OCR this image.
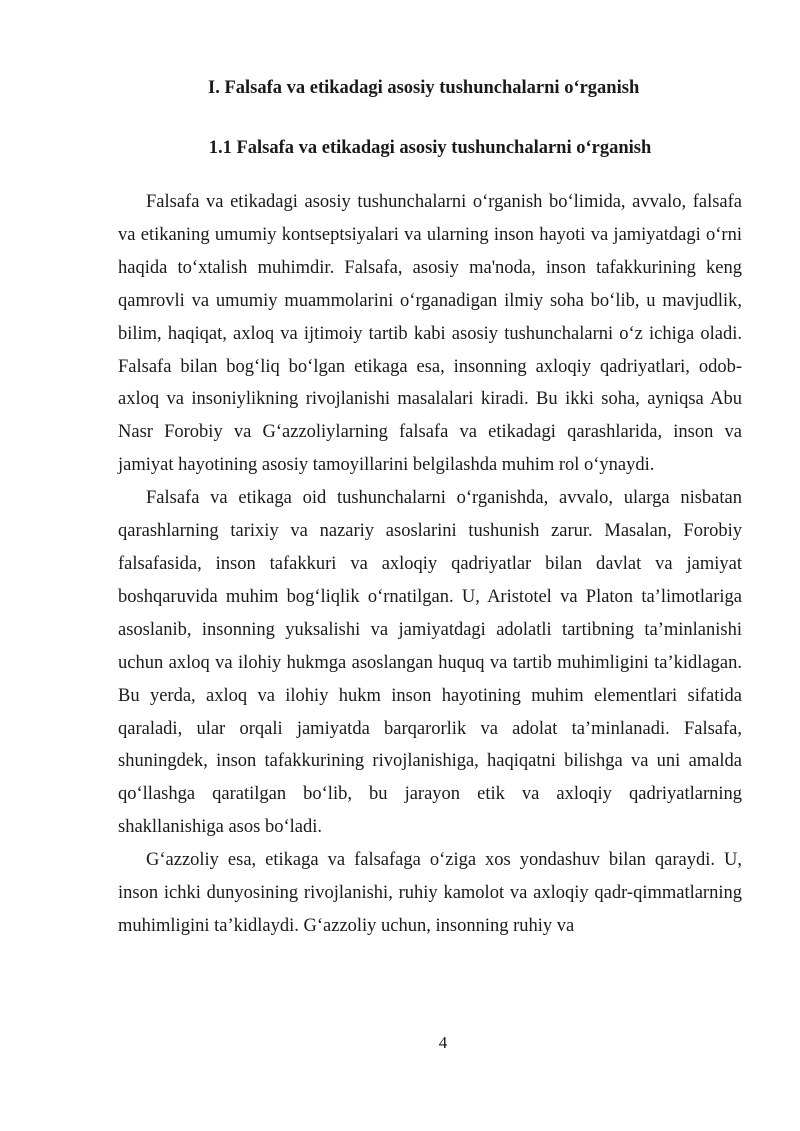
I. Falsafa va etikadagi asosiy tushunchalarni o‘rganish
1.1 Falsafa va etikadagi asosiy tushunchalarni o‘rganish

Falsafa va etikadagi asosiy tushunchalarni o‘rganish bo‘limida, avvalo, falsafa va etikaning umumiy kontseptsiyalari va ularning inson hayoti va jamiyatdagi o‘rni haqida to‘xtalish muhimdir. Falsafa, asosiy ma'noda, inson tafakkurining keng qamrovli va umumiy muammolarini o‘rganadigan ilmiy soha bo‘lib, u mavjudlik, bilim, haqiqat, axloq va ijtimoiy tartib kabi asosiy tushunchalarni o‘z ichiga oladi. Falsafa bilan bog‘liq bo‘lgan etikaga esa, insonning axloqiy qadriyatlari, odob-axloq va insoniylikning rivojlanishi masalalari kiradi. Bu ikki soha, ayniqsa Abu Nasr Forobiy va G‘azzoliylarning falsafa va etikadagi qarashlarida, inson va jamiyat hayotining asosiy tamoyillarini belgilashda muhim rol o‘ynaydi.

Falsafa va etikaga oid tushunchalarni o‘rganishda, avvalo, ularga nisbatan qarashlarning tarixiy va nazariy asoslarini tushunish zarur. Masalan, Forobiy falsafasida, inson tafakkuri va axloqiy qadriyatlar bilan davlat va jamiyat boshqaruvida muhim bog‘liqlik o‘rnatilgan. U, Aristotel va Platon ta’limotlariga asoslanib, insonning yuksalishi va jamiyatdagi adolatli tartibning ta’minlanishi uchun axloq va ilohiy hukmga asoslangan huquq va tartib muhimligini ta’kidlagan. Bu yerda, axloq va ilohiy hukm inson hayotining muhim elementlari sifatida qaraladi, ular orqali jamiyatda barqarorlik va adolat ta’minlanadi. Falsafa, shuningdek, inson tafakkurining rivojlanishiga, haqiqatni bilishga va uni amalda qo‘llashga qaratilgan bo‘lib, bu jarayon etik va axloqiy qadriyatlarning shakllanishiga asos bo‘ladi.

G‘azzoliy esa, etikaga va falsafaga o‘ziga xos yondashuv bilan qaraydi. U, inson ichki dunyosining rivojlanishi, ruhiy kamolot va axloqiy qadr-qimmatlarning muhimligini ta’kidlaydi. G‘azzoliy uchun, insonning ruhiy va

4
